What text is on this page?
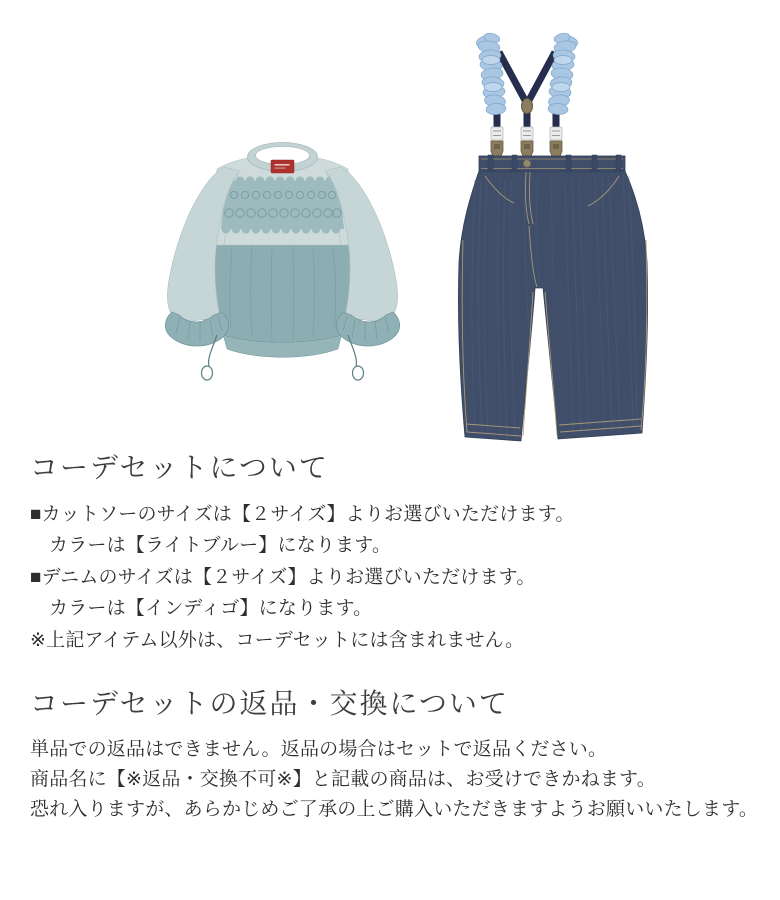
コーデセットについて

■カットソーのサイズは【２サイズ】よりお選びいただけます。

カラーは【ライトブルー】になります。

■デニムのサイズは【２サイズ】よりお選びいただけます。

カラーは【インディゴ】になります。

※上記アイテム以外は、コーデセットには含まれません。

コーデセットの返品・交換について

単品での返品はできません。返品の場合はセットで返品ください。

商品名に【※返品・交換不可※】と記載の商品は、お受けできかねます。

恐れ入りますが、あらかじめご了承の上ご購入いただきますようお願いいたします。
